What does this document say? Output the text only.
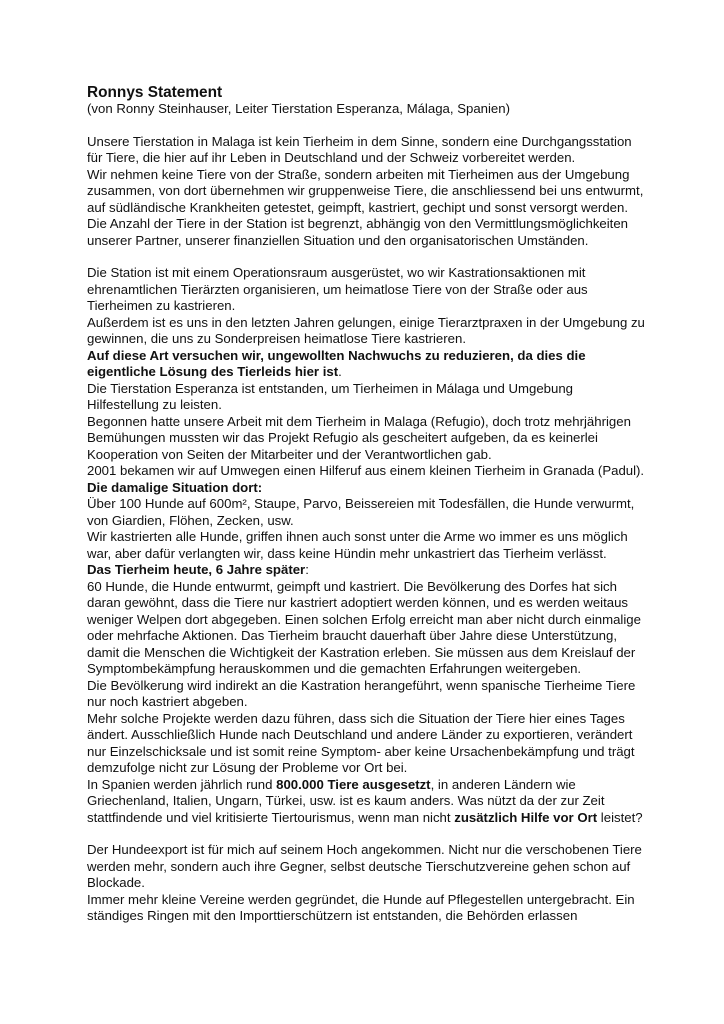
Ronnys Statement

(von Ronny Steinhauser, Leiter Tierstation Esperanza, Málaga, Spanien)

Unsere Tierstation in Malaga ist kein Tierheim in dem Sinne, sondern eine Durchgangsstation für Tiere, die hier auf ihr Leben in Deutschland und der Schweiz vorbereitet werden.

Wir nehmen keine Tiere von der Straße, sondern arbeiten mit Tierheimen aus der Umgebung zusammen, von dort übernehmen wir gruppenweise Tiere, die anschliessend bei uns entwurmt, auf südländische Krankheiten getestet, geimpft, kastriert, gechipt und sonst versorgt werden.

Die Anzahl der Tiere in der Station ist begrenzt, abhängig von den Vermittlungsmöglichkeiten unserer Partner, unserer finanziellen Situation und den organisatorischen Umständen.

Die Station ist mit einem Operationsraum ausgerüstet, wo wir Kastrationsaktionen mit ehrenamtlichen Tierärzten organisieren, um heimatlose Tiere von der Straße oder aus Tierheimen zu kastrieren.

Außerdem ist es uns in den letzten Jahren gelungen, einige Tierarztpraxen in der Umgebung zu gewinnen, die uns zu Sonderpreisen heimatlose Tiere kastrieren.

Auf diese Art versuchen wir, ungewollten Nachwuchs zu reduzieren, da dies die eigentliche Lösung des Tierleids hier ist.

Die Tierstation Esperanza ist entstanden, um Tierheimen in Málaga und Umgebung Hilfestellung zu leisten.

Begonnen hatte unsere Arbeit mit dem Tierheim in Malaga (Refugio), doch trotz mehrjährigen Bemühungen mussten wir das Projekt Refugio als gescheitert aufgeben, da es keinerlei Kooperation von Seiten der Mitarbeiter und der Verantwortlichen gab.

2001 bekamen wir auf Umwegen einen Hilferuf aus einem kleinen Tierheim in Granada (Padul).

Die damalige Situation dort:

Über 100 Hunde auf 600m², Staupe, Parvo, Beissereien mit Todesfällen, die Hunde verwurmt, von Giardien, Flöhen, Zecken, usw.

Wir kastrierten alle Hunde, griffen ihnen auch sonst unter die Arme wo immer es uns möglich war, aber dafür verlangten wir, dass keine Hündin mehr unkastriert das Tierheim verlässt.

Das Tierheim heute, 6 Jahre später:

60 Hunde, die Hunde entwurmt, geimpft und kastriert. Die Bevölkerung des Dorfes hat sich daran gewöhnt, dass die Tiere nur kastriert adoptiert werden können, und es werden weitaus weniger Welpen dort abgegeben. Einen solchen Erfolg erreicht man aber nicht durch einmalige oder mehrfache Aktionen. Das Tierheim braucht dauerhaft über Jahre diese Unterstützung, damit die Menschen die Wichtigkeit der Kastration erleben. Sie müssen aus dem Kreislauf der Symptombekämpfung herauskommen und die gemachten Erfahrungen weitergeben.

Die Bevölkerung wird indirekt an die Kastration herangeführt, wenn spanische Tierheime Tiere nur noch kastriert abgeben.

Mehr solche Projekte werden dazu führen, dass sich die Situation der Tiere hier eines Tages ändert. Ausschließlich Hunde nach Deutschland und andere Länder zu exportieren, verändert nur Einzelschicksale und ist somit reine Symptom- aber keine Ursachenbekämpfung und trägt demzufolge nicht zur Lösung der Probleme vor Ort bei.

In Spanien werden jährlich rund 800.000 Tiere ausgesetzt, in anderen Ländern wie Griechenland, Italien, Ungarn, Türkei, usw. ist es kaum anders. Was nützt da der zur Zeit stattfindende und viel kritisierte Tiertourismus, wenn man nicht zusätzlich Hilfe vor Ort leistet?

Der Hundeexport ist für mich auf seinem Hoch angekommen. Nicht nur die verschobenen Tiere werden mehr, sondern auch ihre Gegner, selbst deutsche Tierschutzvereine gehen schon auf Blockade.

Immer mehr kleine Vereine werden gegründet, die Hunde auf Pflegestellen untergebracht. Ein ständiges Ringen mit den Importtierschützern ist entstanden, die Behörden erlassen
